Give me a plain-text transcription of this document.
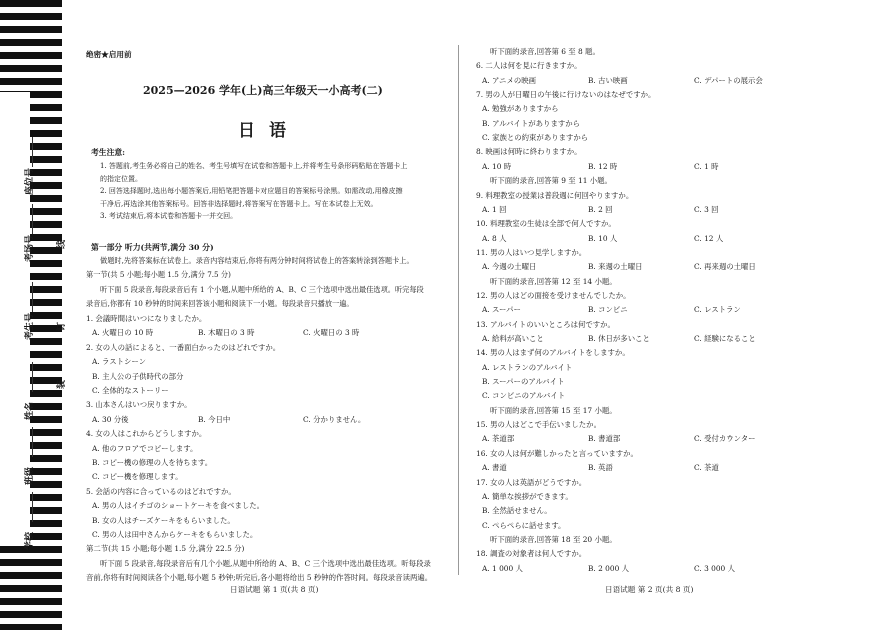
座位号
考场号
考生号
姓名
班级
学校
线
订
装
绝密★启用前
2025—2026 学年(上)高三年级天一小高考(二)
日语
考生注意:
1. 答题前,考生务必将自己的姓名、考生号填写在试卷和答题卡上,并将考生号条形码粘贴在答题卡上
的指定位置。
2. 回答选择题时,选出每小题答案后,用铅笔把答题卡对应题目的答案标号涂黑。如需改动,用橡皮擦
干净后,再选涂其他答案标号。回答非选择题时,将答案写在答题卡上。写在本试卷上无效。
3. 考试结束后,将本试卷和答题卡一并交回。
第一部分 听力(共两节,满分 30 分)
做题时,先将答案标在试卷上。录音内容结束后,你将有两分钟时间将试卷上的答案转涂到答题卡上。
第一节(共 5 小题;每小题 1.5 分,满分 7.5 分)
听下面 5 段录音,每段录音后有 1 个小题,从题中所给的 A、B、C 三个选项中选出最佳选项。听完每段
录音后,你都有 10 秒钟的时间来回答该小题和阅读下一小题。每段录音只播放一遍。
1. 会議時間はいつになりましたか。
A. 火曜日の 10 時	B. 木曜日の 3 時	C. 火曜日の 3 時
2. 女の人の話によると、一番面白かったのはどれですか。
A. ラストシーン
B. 主人公の子供時代の部分
C. 全体的なストーリー
3. 山本さんはいつ戻りますか。
A. 30 分後	B. 今日中	C. 分かりません。
4. 女の人はこれからどうしますか。
A. 他のフロアでコピーします。
B. コピー機の修理の人を待ちます。
C. コピー機を修理します。
5. 会話の内容に合っているのはどれですか。
A. 男の人はイチゴのショートケーキを食べました。
B. 女の人はチーズケーキをもらいました。
C. 男の人は田中さんからケーキをもらいました。
第二节(共 15 小题;每小题 1.5 分,满分 22.5 分)
听下面 5 段录音,每段录音后有几个小题,从题中所给的 A、B、C 三个选项中选出最佳选项。听每段录
音前,你将有时间阅读各个小题,每小题 5 秒钟;听完后,各小题将给出 5 秒钟的作答时间。每段录音读两遍。
听下面的录音,回答第 6 至 8 题。
6. 二人は何を見に行きますか。
A. アニメの映画	B. 古い映画	C. デパートの展示会
7. 男の人が日曜日の午後に行けないのはなぜですか。
A. 勉強がありますから
B. アルバイトがありますから
C. 家族との約束がありますから
8. 映画は何時に終わりますか。
A. 10 時	B. 12 時	C. 1 時
听下面的录音,回答第 9 至 11 小题。
9. 料理教室の授業は普段週に何回やりますか。
A. 1 回	B. 2 回	C. 3 回
10. 料理教室の生徒は全部で何人ですか。
A. 8 人	B. 10 人	C. 12 人
11. 男の人はいつ見学しますか。
A. 今週の土曜日	B. 来週の土曜日	C. 再来週の土曜日
听下面的录音,回答第 12 至 14 小题。
12. 男の人はどの面接を受けませんでしたか。
A. スーパー	B. コンビニ	C. レストラン
13. アルバイトのいいところは何ですか。
A. 給料が高いこと	B. 休日が多いこと	C. 経験になること
14. 男の人はまず何のアルバイトをしますか。
A. レストランのアルバイト
B. スーパーのアルバイト
C. コンビニのアルバイト
听下面的录音,回答第 15 至 17 小题。
15. 男の人はどこで手伝いましたか。
A. 茶道部	B. 書道部	C. 受付カウンター
16. 女の人は何が難しかったと言っていますか。
A. 書道	B. 英語	C. 茶道
17. 女の人は英語がどうですか。
A. 簡単な挨拶ができます。
B. 全然話せません。
C. ぺらぺらに話せます。
听下面的录音,回答第 18 至 20 小题。
18. 調査の対象者は何人ですか。
A. 1 000 人	B. 2 000 人	C. 3 000 人
日语试题 第 1 页(共 8 页)	日语试题 第 2 页(共 8 页)
